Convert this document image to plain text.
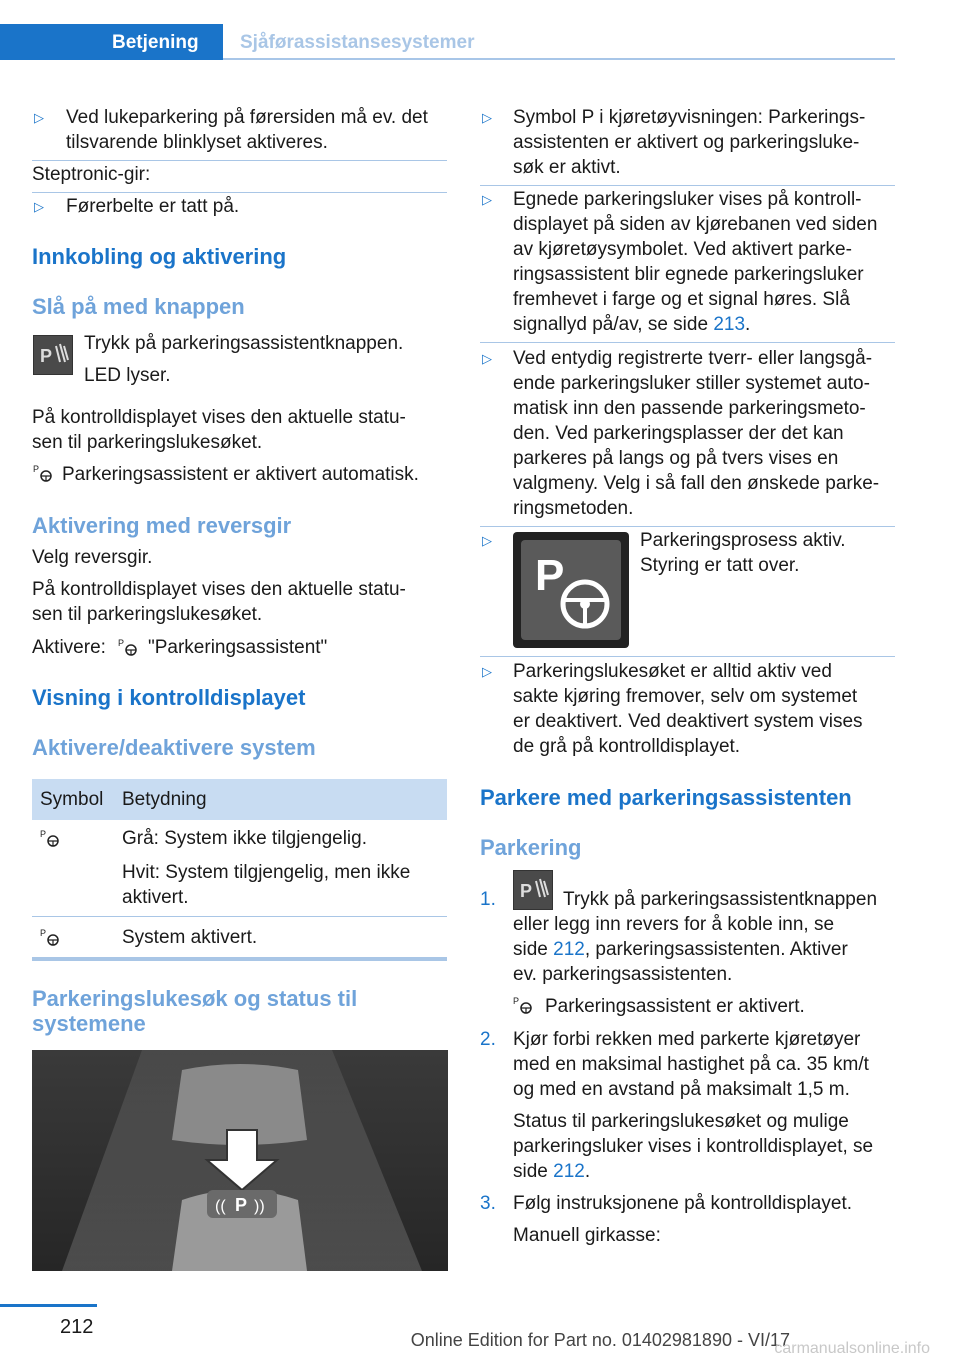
Betjening Sjåførassistansesystemer
▷ Ved lukeparkering på førersiden må ev. det

tilsvarende blinklyset aktiveres.

Steptronic-gir:

▷ Førerbelte er tatt på.

Innkobling og aktivering
Slå på med knappen
P

Trykk på parkeringsassistentknappen.

LED lyser.

På kontrolldisplayet vises den aktuelle statu-

sen til parkeringslukesøket.

P Parkeringsassistent er aktivert automatisk.

Aktivering med reversgir

Velg reversgir.

På kontrolldisplayet vises den aktuelle statu-

sen til parkeringslukesøket.

Aktivere: P "Parkeringsassistent"

Visning i kontrolldisplayet
Aktivere/deaktivere system

Symbol Betydning

P	Grå: System ikke tilgjengelig.

Hvit: System tilgjengelig, men ikke

aktivert.

P	System aktivert.

Parkeringslukesøk og status til
systemene
P
(( ))
▷ Symbol P i kjøretøyvisningen: Parkerings-

assistenten er aktivert og parkeringsluke-

søk er aktivt.

▷ Egnede parkeringsluker vises på kontroll-

displayet på siden av kjørebanen ved siden

av kjøretøysymbolet. Ved aktivert parke-

ringsassistent blir egnede parkeringsluker

fremhevet i farge og et signal høres. Slå

signallyd på/av, se side 213.

▷ Ved entydig registrerte tverr- eller langsgå-

ende parkeringsluker stiller systemet auto-

matisk inn den passende parkeringsmeto-

den. Ved parkeringsplasser der det kan

parkeres på langs og på tvers vises en

valgmeny. Velg i så fall den ønskede parke-

ringsmetoden.

▷
P

Parkeringsprosess aktiv.

Styring er tatt over.

▷ Parkeringslukesøket er alltid aktiv ved

sakte kjøring fremover, selv om systemet

er deaktivert. Ved deaktivert system vises

de grå på kontrolldisplayet.

Parkere med parkeringsassistenten
Parkering
1. P Trykk på parkeringsassistentknappen

eller legg inn revers for å koble inn, se

side 212, parkeringsassistenten. Aktiver

ev. parkeringsassistenten.

P Parkeringsassistent er aktivert.

2. Kjør forbi rekken med parkerte kjøretøyer

med en maksimal hastighet på ca. 35 km/t

og med en avstand på maksimalt 1,5 m.

Status til parkeringslukesøket og mulige

parkeringsluker vises i kontrolldisplayet, se

side 212.

3. Følg instruksjonene på kontrolldisplayet.

Manuell girkasse:

212
Online Edition for Part no. 01402981890 - VI/17
carmanualsonline.info
